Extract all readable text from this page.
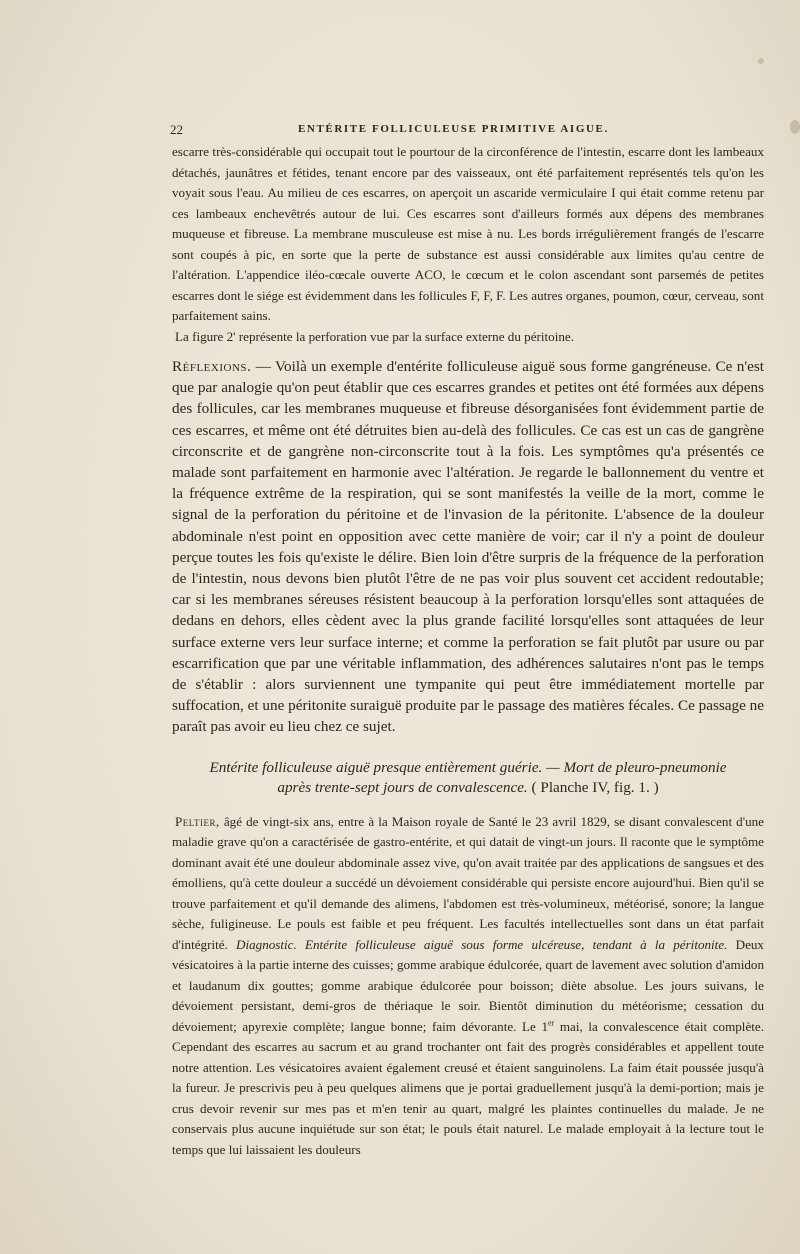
22	ENTÉRITE FOLLICULEUSE PRIMITIVE AIGUE.

escarre très-considérable qui occupait tout le pourtour de la circonférence de l'intestin, escarre dont les lambeaux détachés, jaunâtres et fétides, tenant encore par des vaisseaux, ont été parfaitement représentés tels qu'on les voyait sous l'eau. Au milieu de ces escarres, on aperçoit un ascaride vermiculaire I qui était comme retenu par ces lambeaux enchevêtrés autour de lui. Ces escarres sont d'ailleurs formés aux dépens des membranes muqueuse et fibreuse. La membrane musculeuse est mise à nu. Les bords irrégulièrement frangés de l'escarre sont coupés à pic, en sorte que la perte de substance est aussi considérable aux limites qu'au centre de l'altération. L'appendice iléo-cœcale ouverte ACO, le cœcum et le colon ascendant sont parsemés de petites escarres dont le siége est évidemment dans les follicules F, F, F. Les autres organes, poumon, cœur, cerveau, sont parfaitement sains.

La figure 2' représente la perforation vue par la surface externe du péritoine.

Réflexions. — Voilà un exemple d'entérite folliculeuse aiguë sous forme gangréneuse. Ce n'est que par analogie qu'on peut établir que ces escarres grandes et petites ont été formées aux dépens des follicules, car les membranes muqueuse et fibreuse désorganisées font évidemment partie de ces escarres, et même ont été détruites bien au-delà des follicules. Ce cas est un cas de gangrène circonscrite et de gangrène non-circonscrite tout à la fois. Les symptômes qu'a présentés ce malade sont parfaitement en harmonie avec l'altération. Je regarde le ballonnement du ventre et la fréquence extrême de la respiration, qui se sont manifestés la veille de la mort, comme le signal de la perforation du péritoine et de l'invasion de la péritonite. L'absence de la douleur abdominale n'est point en opposition avec cette manière de voir; car il n'y a point de douleur perçue toutes les fois qu'existe le délire. Bien loin d'être surpris de la fréquence de la perforation de l'intestin, nous devons bien plutôt l'être de ne pas voir plus souvent cet accident redoutable; car si les membranes séreuses résistent beaucoup à la perforation lorsqu'elles sont attaquées de dedans en dehors, elles cèdent avec la plus grande facilité lorsqu'elles sont attaquées de leur surface externe vers leur surface interne; et comme la perforation se fait plutôt par usure ou par escarrification que par une véritable inflammation, des adhérences salutaires n'ont pas le temps de s'établir : alors surviennent une tympanite qui peut être immédiatement mortelle par suffocation, et une péritonite suraiguë produite par le passage des matières fécales. Ce passage ne paraît pas avoir eu lieu chez ce sujet.

Entérite folliculeuse aiguë presque entièrement guérie. — Mort de pleuro-pneumonie après trente-sept jours de convalescence. ( Planche IV, fig. 1. )

Peltier, âgé de vingt-six ans, entre à la Maison royale de Santé le 23 avril 1829, se disant convalescent d'une maladie grave qu'on a caractérisée de gastro-entérite, et qui datait de vingt-un jours. Il raconte que le symptôme dominant avait été une douleur abdominale assez vive, qu'on avait traitée par des applications de sangsues et des émolliens, qu'à cette douleur a succédé un dévoiement considérable qui persiste encore aujourd'hui. Bien qu'il se trouve parfaitement et qu'il demande des alimens, l'abdomen est très-volumineux, météorisé, sonore; la langue sèche, fuligineuse. Le pouls est faible et peu fréquent. Les facultés intellectuelles sont dans un état parfait d'intégrité. Diagnostic. Entérite folliculeuse aiguë sous forme ulcéreuse, tendant à la péritonite. Deux vésicatoires à la partie interne des cuisses; gomme arabique édulcorée, quart de lavement avec solution d'amidon et laudanum dix gouttes; gomme arabique édulcorée pour boisson; diète absolue. Les jours suivans, le dévoiement persistant, demi-gros de thériaque le soir. Bientôt diminution du météorisme; cessation du dévoiement; apyrexie complète; langue bonne; faim dévorante. Le 1er mai, la convalescence était complète. Cependant des escarres au sacrum et au grand trochanter ont fait des progrès considérables et appellent toute notre attention. Les vésicatoires avaient également creusé et étaient sanguinolens. La faim était poussée jusqu'à la fureur. Je prescrivis peu à peu quelques alimens que je portai graduellement jusqu'à la demi-portion; mais je crus devoir revenir sur mes pas et m'en tenir au quart, malgré les plaintes continuelles du malade. Je ne conservais plus aucune inquiétude sur son état; le pouls était naturel. Le malade employait à la lecture tout le temps que lui laissaient les douleurs
